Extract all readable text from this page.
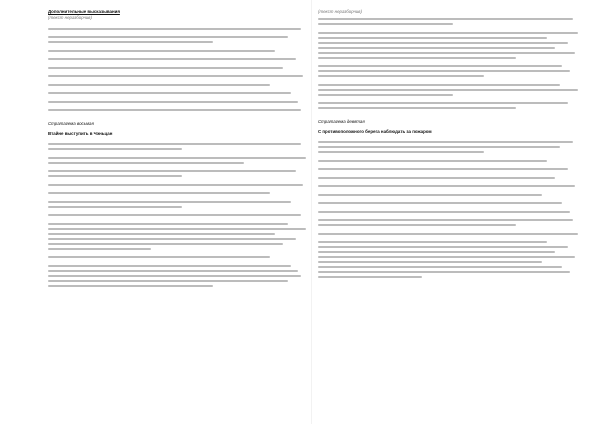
Дополнительные высказывания

(текст неразборчив)

Стратагема восьмая

Втайне выступить в Чэньцан

(текст неразборчив)

Стратагема девятая

С противоположного берега наблюдать за пожаром
